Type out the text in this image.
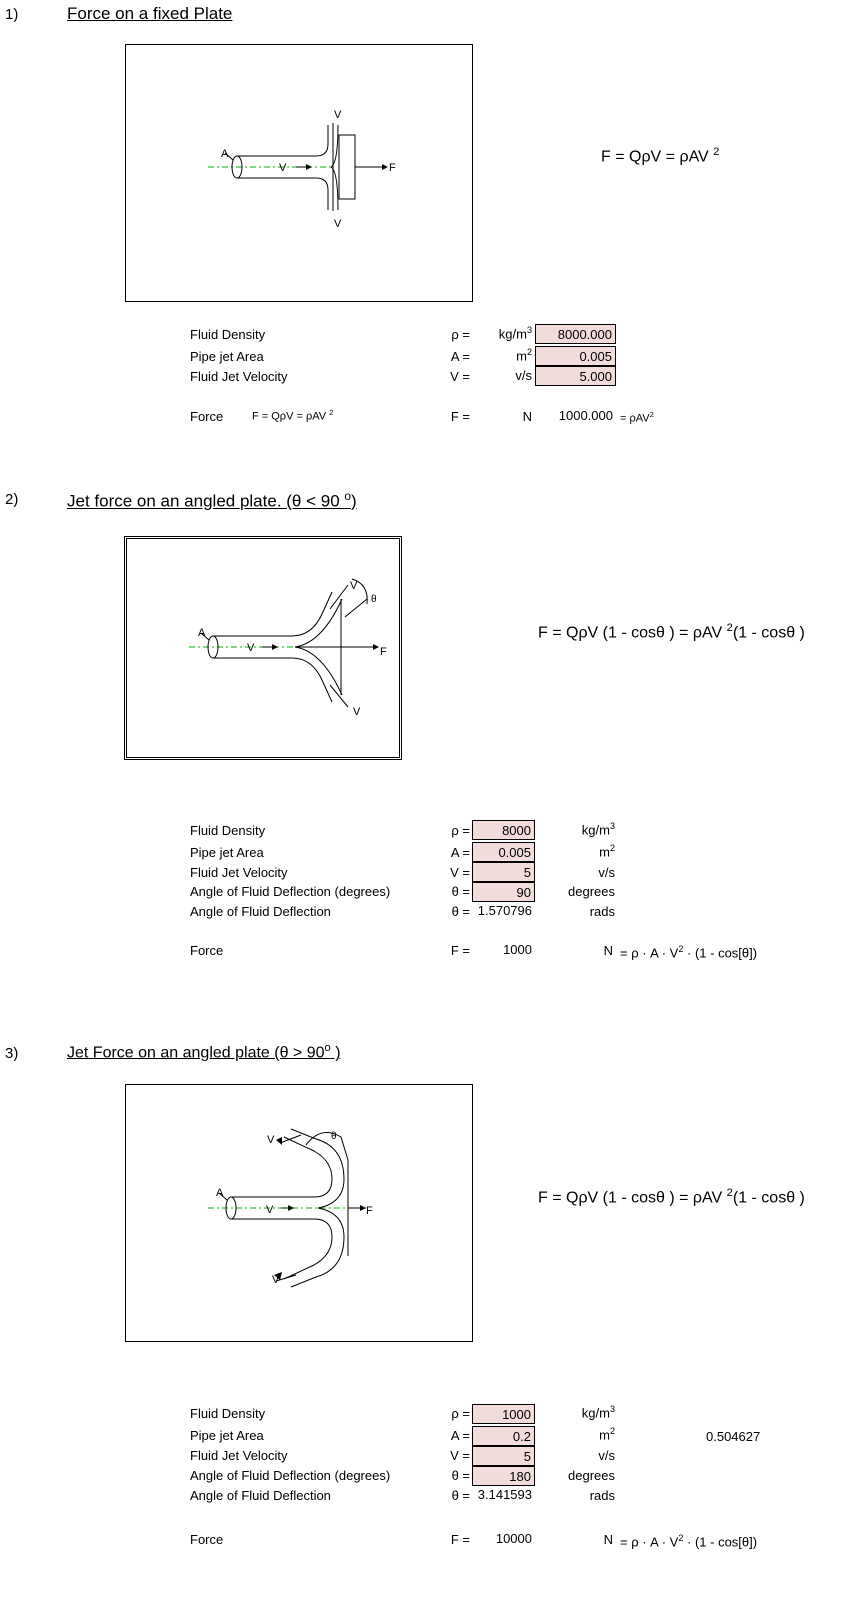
1)	Force on a fixed Plate
A
V
V
V
F
F = QρV = ρAV $^2$
Fluid Density	ρ =	$kg/m^3$	8000.000
Pipe jet Area	A =	$m^2$	0.005
Fluid Jet Velocity	V =	v/s	5.000
Force	F = QρV = ρAV $^2$	F =	N	1000.000 = ρAV$^2$
2)	Jet force on an angled plate. (θ < 90 $^o$)
A
V
V
V
F
θ
F = QρV (1 - cosθ ) = ρAV $^2$(1 - cosθ )
Fluid Density	ρ =	8000	$kg/m^3$
Pipe jet Area	A =	0.005	$m^2$
Fluid Jet Velocity	V =	5	v/s
Angle of Fluid Deflection (degrees)	θ =	90	degrees
Angle of Fluid Deflection	θ = 1.570796	rads
Force	F =	1000	$N = \rho \cdot A \cdot V^2 \cdot (1 - \cos[\theta])$
3)	Jet Force on an angled plate ($\theta > 90^o$ )
A
V
V
V
F
θ
F = QρV (1 - cosθ ) = ρAV $^2$(1 - cosθ )
Fluid Density	ρ =	1000	$kg/m^3$
Pipe jet Area	A =	0.2	$m^2$	0.504627
Fluid Jet Velocity	V =	5	v/s
Angle of Fluid Deflection (degrees)	θ =	180	degrees
Angle of Fluid Deflection	θ = 3.141593	rads
Force	F =	10000	$N = \rho \cdot A \cdot V^2 \cdot (1 - \cos[\theta])$
